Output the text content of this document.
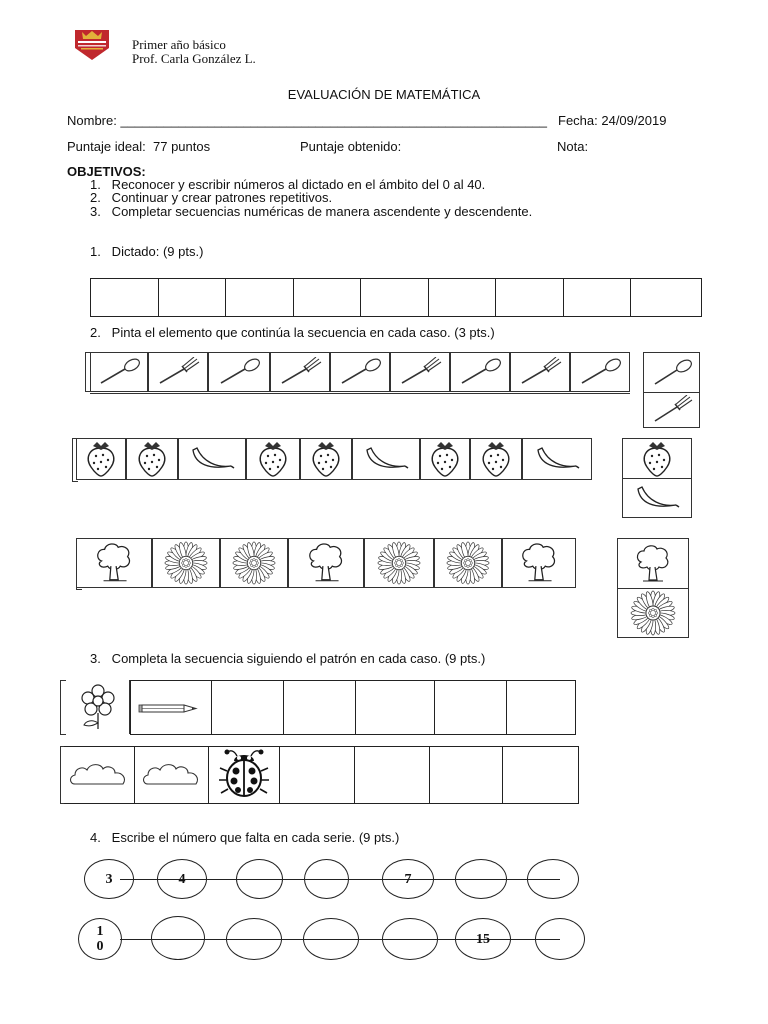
Primer año básico
Prof. Carla González L.
EVALUACIÓN DE MATEMÁTICA
Nombre: ___________________________________________________________ Fecha: 24/09/2019
Puntaje ideal:  77 puntos	Puntaje obtenido:	Nota:
OBJETIVOS:
1.   Reconocer y escribir números al dictado en el ámbito del 0 al 40.
2.   Continuar y crear patrones repetitivos.
3.   Completar secuencias numéricas de manera ascendente y descendente.
1.   Dictado: (9 pts.)
2.   Pinta el elemento que continúa la secuencia en cada caso. (3 pts.)
3.   Completa la secuencia siguiendo el patrón en cada caso. (9 pts.)
4.   Escribe el número que falta en cada serie. (9 pts.)
3	4	7
1
0	15
